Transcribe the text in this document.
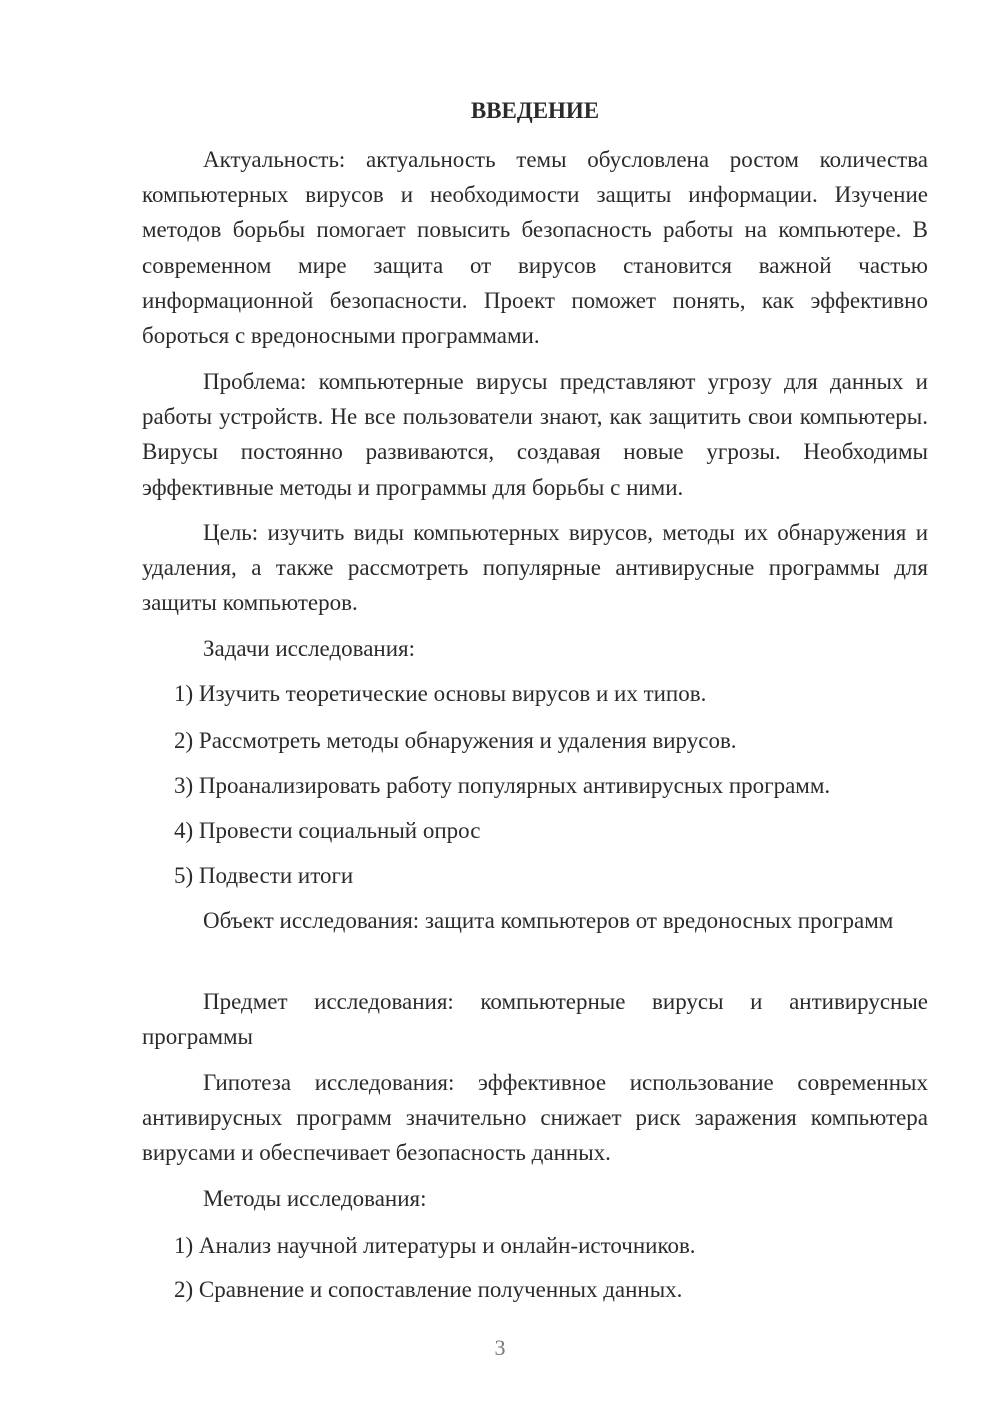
ВВЕДЕНИЕ

Актуальность: актуальность темы обусловлена ростом количества компьютерных вирусов и необходимости защиты информации. Изучение методов борьбы помогает повысить безопасность работы на компьютере. В современном мире защита от вирусов становится важной частью информационной безопасности. Проект поможет понять, как эффективно бороться с вредоносными программами.

Проблема: компьютерные вирусы представляют угрозу для данных и работы устройств. Не все пользователи знают, как защитить свои компьютеры. Вирусы постоянно развиваются, создавая новые угрозы. Необходимы эффективные методы и программы для борьбы с ними.

Цель: изучить виды компьютерных вирусов, методы их обнаружения и удаления, а также рассмотреть популярные антивирусные программы для защиты компьютеров.

Задачи исследования:

1) Изучить теоретические основы вирусов и их типов.

2) Рассмотреть методы обнаружения и удаления вирусов.

3) Проанализировать работу популярных антивирусных программ.

4) Провести социальный опрос

5) Подвести итоги

Объект исследования: защита компьютеров от вредоносных программ

Предмет исследования: компьютерные вирусы и антивирусные программы

Гипотеза исследования: эффективное использование современных антивирусных программ значительно снижает риск заражения компьютера вирусами и обеспечивает безопасность данных.

Методы исследования:

1) Анализ научной литературы и онлайн-источников.

2) Сравнение и сопоставление полученных данных.

3
